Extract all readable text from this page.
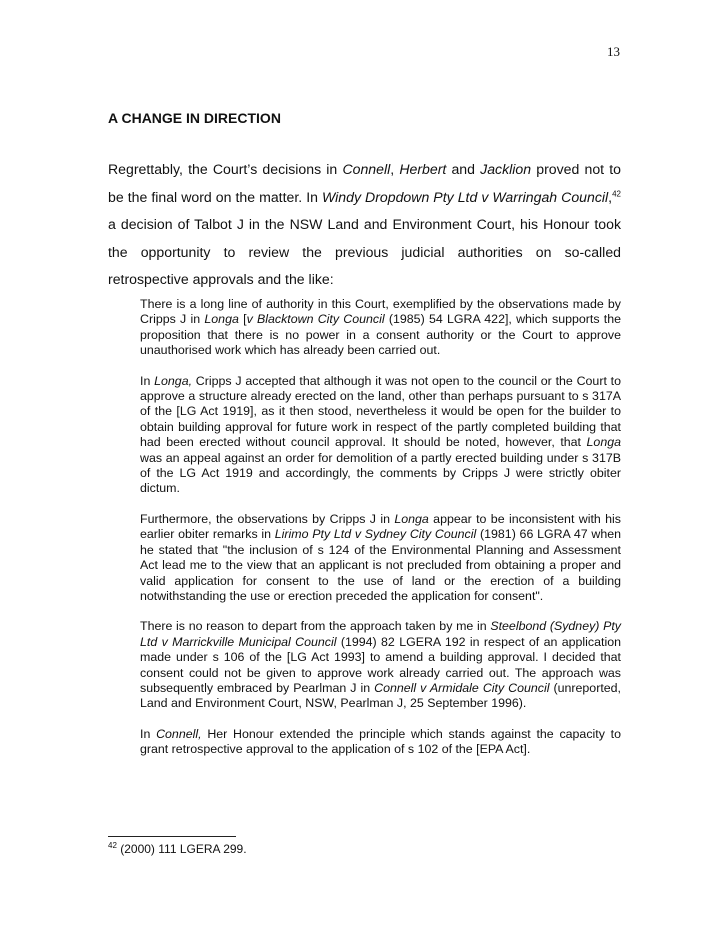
13
A CHANGE IN DIRECTION

Regrettably, the Court’s decisions in Connell, Herbert and Jacklion proved not to be the final word on the matter. In Windy Dropdown Pty Ltd v Warringah Council,$^{42}$ a decision of Talbot J in the NSW Land and Environment Court, his Honour took the opportunity to review the previous judicial authorities on so-called retrospective approvals and the like:

There is a long line of authority in this Court, exemplified by the observations made by Cripps J in Longa [v Blacktown City Council (1985) 54 LGRA 422], which supports the proposition that there is no power in a consent authority or the Court to approve unauthorised work which has already been carried out.

In Longa, Cripps J accepted that although it was not open to the council or the Court to approve a structure already erected on the land, other than perhaps pursuant to s 317A of the [LG Act 1919], as it then stood, nevertheless it would be open for the builder to obtain building approval for future work in respect of the partly completed building that had been erected without council approval. It should be noted, however, that Longa was an appeal against an order for demolition of a partly erected building under s 317B of the LG Act 1919 and accordingly, the comments by Cripps J were strictly obiter dictum.

Furthermore, the observations by Cripps J in Longa appear to be inconsistent with his earlier obiter remarks in Lirimo Pty Ltd v Sydney City Council (1981) 66 LGRA 47 when he stated that "the inclusion of s 124 of the Environmental Planning and Assessment Act lead me to the view that an applicant is not precluded from obtaining a proper and valid application for consent to the use of land or the erection of a building notwithstanding the use or erection preceded the application for consent".

There is no reason to depart from the approach taken by me in Steelbond (Sydney) Pty Ltd v Marrickville Municipal Council (1994) 82 LGERA 192 in respect of an application made under s 106 of the [LG Act 1993] to amend a building approval. I decided that consent could not be given to approve work already carried out. The approach was subsequently embraced by Pearlman J in Connell v Armidale City Council (unreported, Land and Environment Court, NSW, Pearlman J, 25 September 1996).

In Connell, Her Honour extended the principle which stands against the capacity to grant retrospective approval to the application of s 102 of the [EPA Act].

$^{42}$ (2000) 111 LGERA 299.
